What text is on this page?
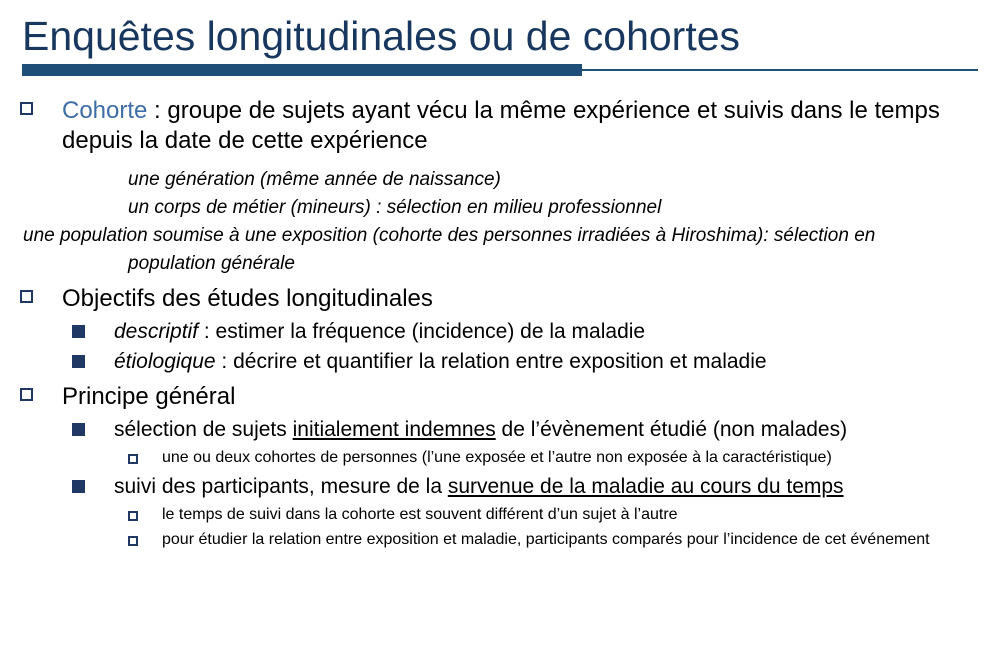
Enquêtes longitudinales ou de cohortes
Cohorte : groupe de sujets ayant vécu la même expérience et suivis dans le temps depuis la date de cette expérience
une génération (même année de naissance)
un corps de métier (mineurs) : sélection en milieu professionnel
une population soumise à une exposition (cohorte des personnes irradiées à Hiroshima): sélection en population générale
Objectifs des études longitudinales
descriptif : estimer la fréquence (incidence) de la maladie
étiologique : décrire et quantifier la relation entre exposition et maladie
Principe général
sélection de sujets initialement indemnes de l’évènement étudié (non malades)
une ou deux cohortes de personnes (l’une exposée et l’autre non exposée à la caractéristique)
suivi des participants, mesure de la survenue de la maladie au cours du temps
le temps de suivi dans la cohorte est souvent différent d’un sujet à l’autre
pour étudier la relation entre exposition et maladie, participants comparés pour l’incidence de cet événement
